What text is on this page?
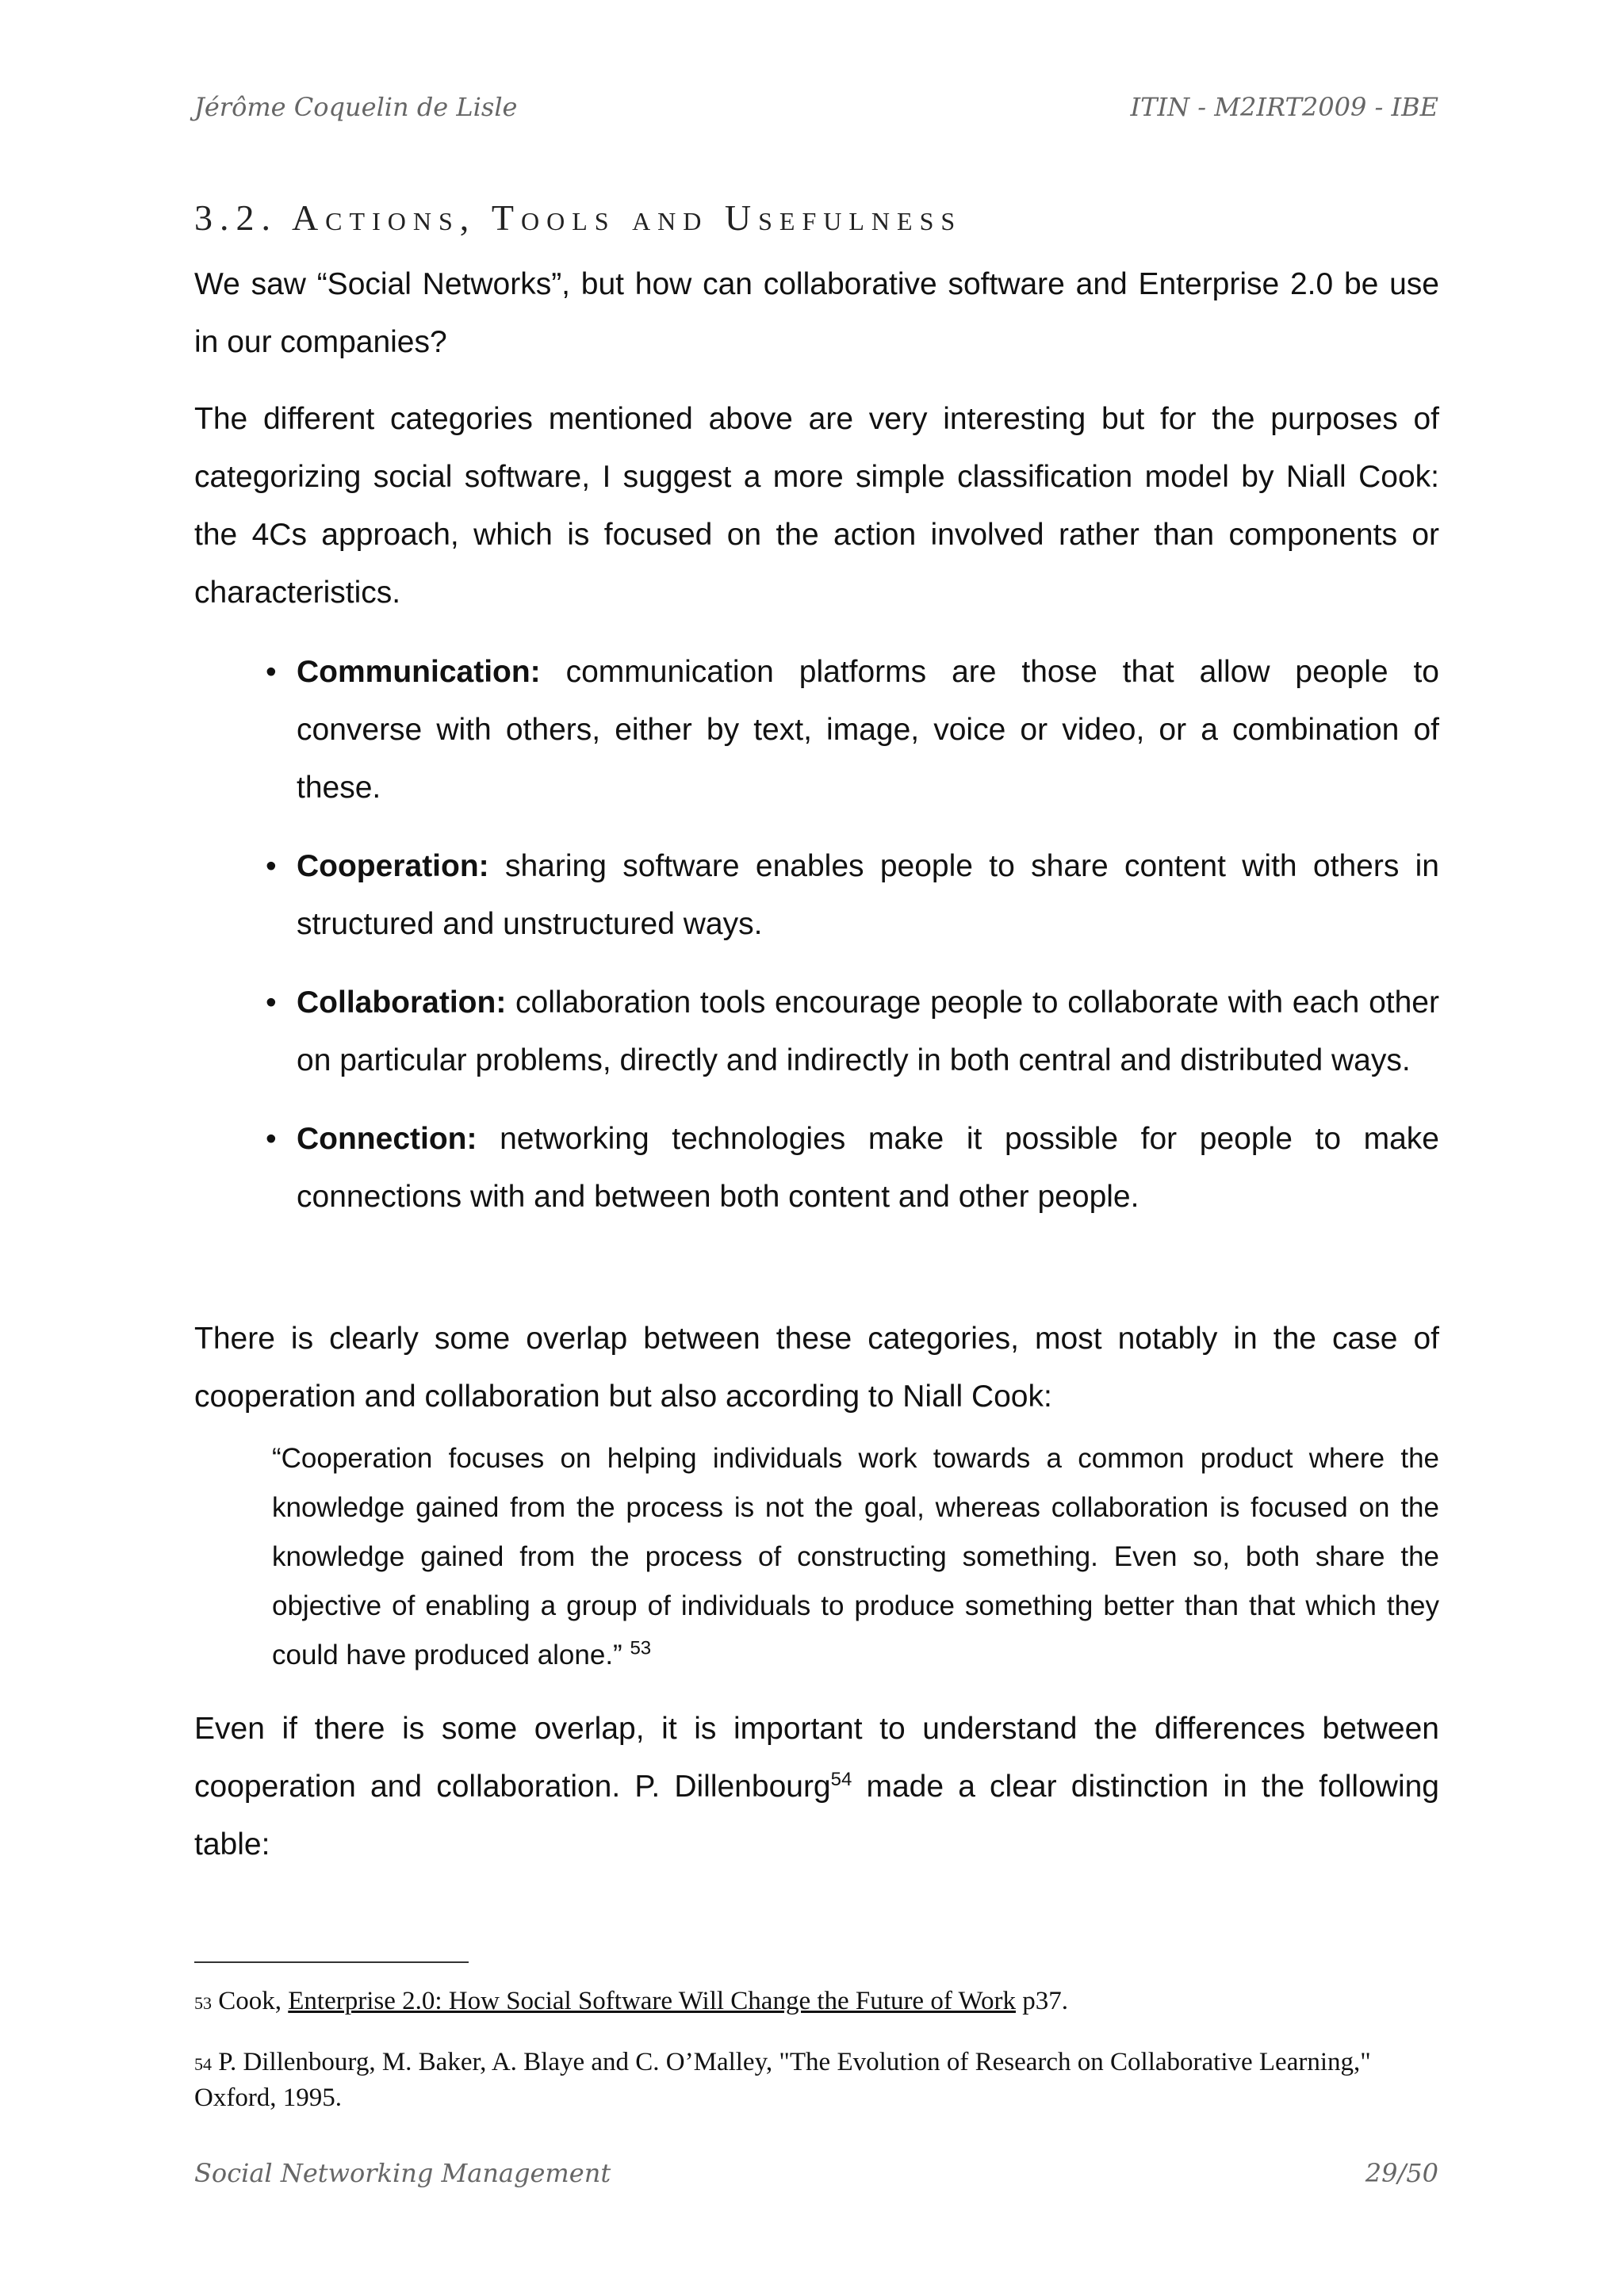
Jérôme Coquelin de Lisle	ITIN - M2IRT2009 - IBE
3.2. Actions, Tools and Usefulness

We saw “Social Networks”, but how can collaborative software and Enterprise 2.0 be use in our companies?

The different categories mentioned above are very interesting but for the purposes of categorizing social software, I suggest a more simple classification model by Niall Cook: the 4Cs approach, which is focused on the action involved rather than components or characteristics.

• Communication: communication platforms are those that allow people to converse with others, either by text, image, voice or video, or a combination of these.
• Cooperation: sharing software enables people to share content with others in structured and unstructured ways.
• Collaboration: collaboration tools encourage people to collaborate with each other on particular problems, directly and indirectly in both central and distributed ways.
• Connection: networking technologies make it possible for people to make connections with and between both content and other people.

There is clearly some overlap between these categories, most notably in the case of cooperation and collaboration but also according to Niall Cook:

“Cooperation focuses on helping individuals work towards a common product where the knowledge gained from the process is not the goal, whereas collaboration is focused on the knowledge gained from the process of constructing something. Even so, both share the objective of enabling a group of individuals to produce something better than that which they could have produced alone.” $^{53}$

Even if there is some overlap, it is important to understand the differences between cooperation and collaboration. P. Dillenbourg$^{54}$ made a clear distinction in the following table:

53 Cook, Enterprise 2.0: How Social Software Will Change the Future of Work p37.

54 P. Dillenbourg, M. Baker, A. Blaye and C. O’Malley, "The Evolution of Research on Collaborative Learning," Oxford, 1995.

Social Networking Management	29/50
